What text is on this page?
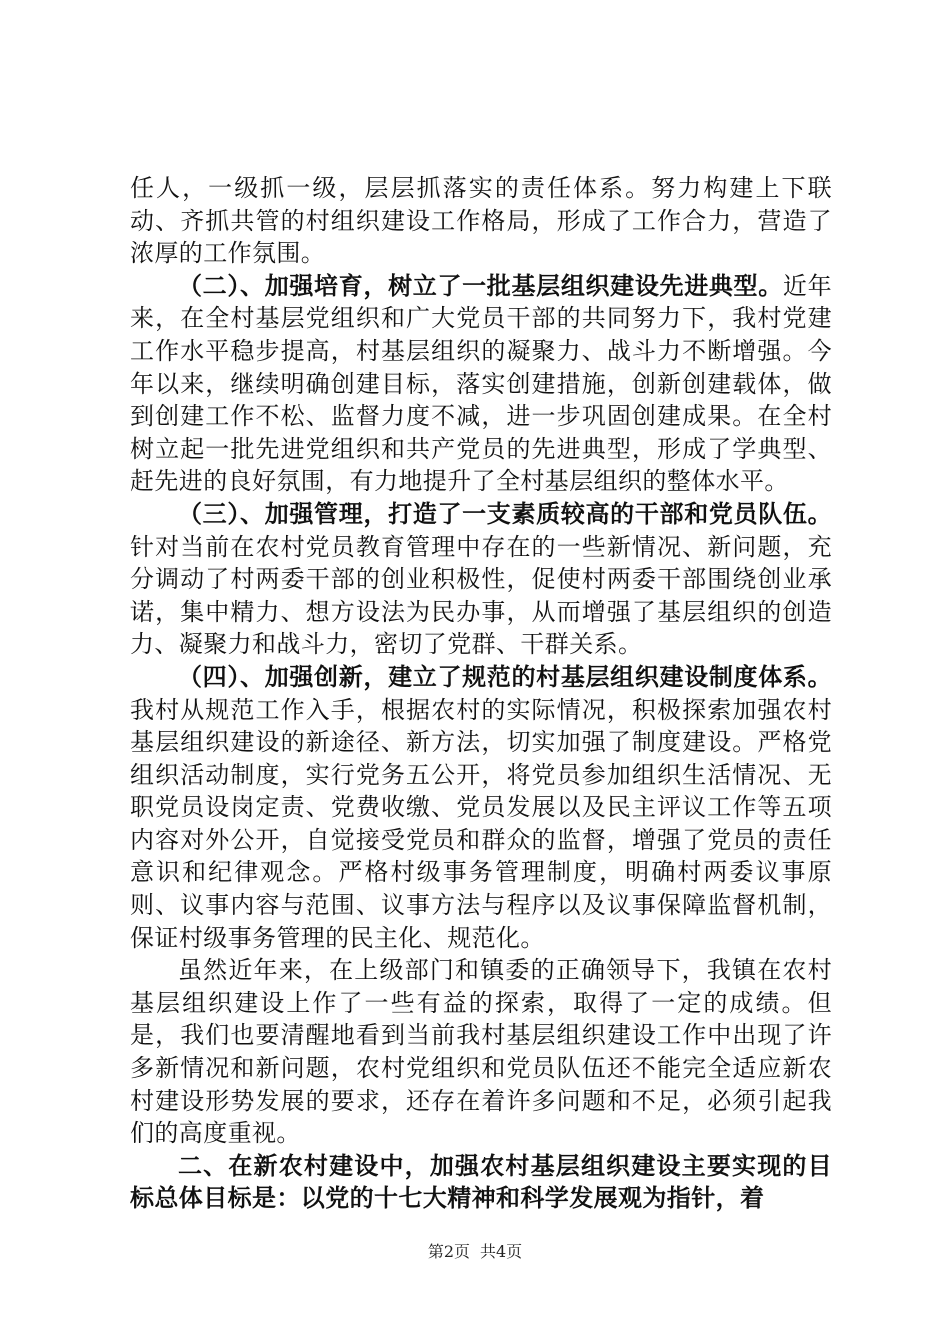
任人，一级抓一级，层层抓落实的责任体系。努力构建上下联动、齐抓共管的村组织建设工作格局，形成了工作合力，营造了浓厚的工作氛围。

（二）、加强培育，树立了一批基层组织建设先进典型。近年来，在全村基层党组织和广大党员干部的共同努力下，我村党建工作水平稳步提高，村基层组织的凝聚力、战斗力不断增强。今年以来，继续明确创建目标，落实创建措施，创新创建载体，做到创建工作不松、监督力度不减，进一步巩固创建成果。在全村树立起一批先进党组织和共产党员的先进典型，形成了学典型、赶先进的良好氛围，有力地提升了全村基层组织的整体水平。

（三）、加强管理，打造了一支素质较高的干部和党员队伍。针对当前在农村党员教育管理中存在的一些新情况、新问题，充分调动了村两委干部的创业积极性，促使村两委干部围绕创业承诺，集中精力、想方设法为民办事，从而增强了基层组织的创造力、凝聚力和战斗力，密切了党群、干群关系。

（四）、加强创新，建立了规范的村基层组织建设制度体系。我村从规范工作入手，根据农村的实际情况，积极探索加强农村基层组织建设的新途径、新方法，切实加强了制度建设。严格党组织活动制度，实行党务五公开，将党员参加组织生活情况、无职党员设岗定责、党费收缴、党员发展以及民主评议工作等五项内容对外公开，自觉接受党员和群众的监督，增强了党员的责任意识和纪律观念。严格村级事务管理制度，明确村两委议事原则、议事内容与范围、议事方法与程序以及议事保障监督机制，保证村级事务管理的民主化、规范化。

虽然近年来，在上级部门和镇委的正确领导下，我镇在农村基层组织建设上作了一些有益的探索，取得了一定的成绩。但是，我们也要清醒地看到当前我村基层组织建设工作中出现了许多新情况和新问题，农村党组织和党员队伍还不能完全适应新农村建设形势发展的要求，还存在着许多问题和不足，必须引起我们的高度重视。

二、在新农村建设中，加强农村基层组织建设主要实现的目标总体目标是：以党的十七大精神和科学发展观为指针，着

第2页 共4页
